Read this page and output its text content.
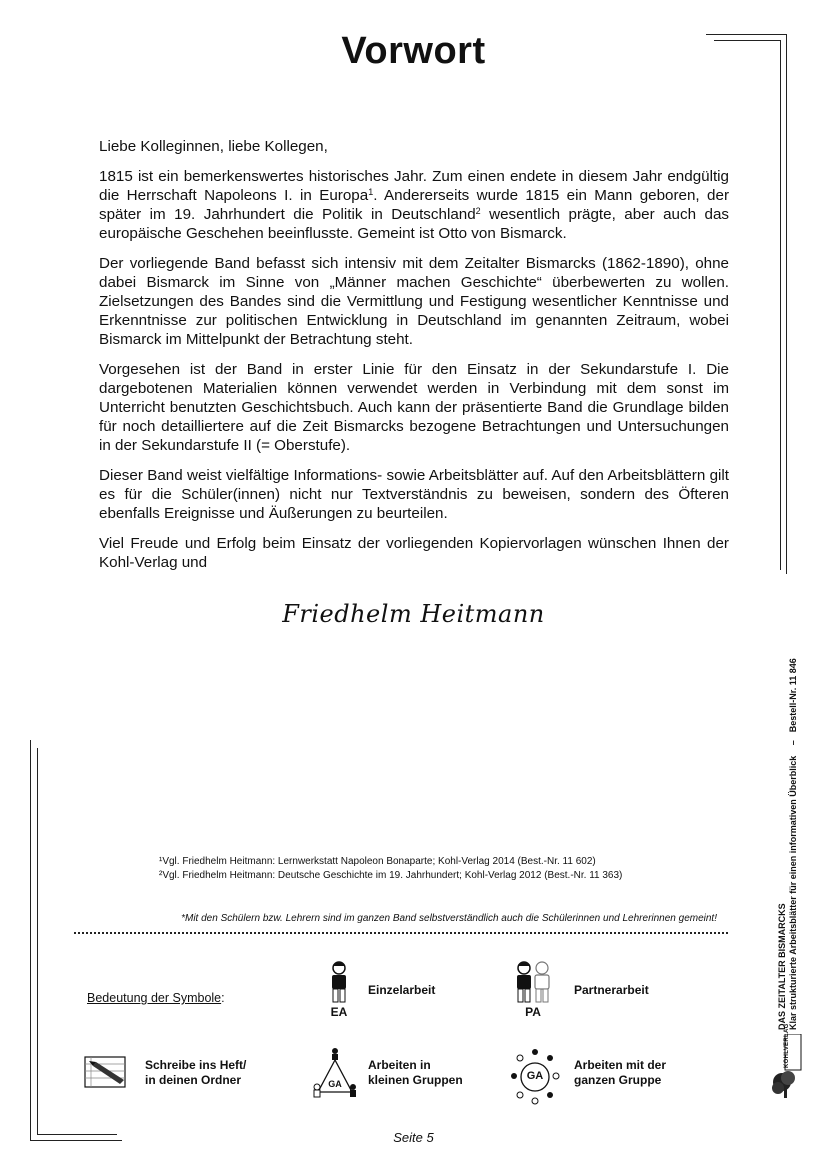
Vorwort

Liebe Kolleginnen, liebe Kollegen,

1815 ist ein bemerkenswertes historisches Jahr. Zum einen endete in diesem Jahr endgültig die Herrschaft Napoleons I. in Europa$^1$. Andererseits wurde 1815 ein Mann geboren, der später im 19. Jahrhundert die Politik in Deutschland$^2$ wesentlich prägte, aber auch das europäische Geschehen beeinflusste. Gemeint ist Otto von Bismarck.

Der vorliegende Band befasst sich intensiv mit dem Zeitalter Bismarcks (1862-1890), ohne dabei Bismarck im Sinne von „Männer machen Geschichte“ überbewerten zu wollen. Zielsetzungen des Bandes sind die Vermittlung und Festigung wesentlicher Kenntnisse und Erkenntnisse zur politischen Entwicklung in Deutschland im genannten Zeitraum, wobei Bismarck im Mittelpunkt der Betrachtung steht.

Vorgesehen ist der Band in erster Linie für den Einsatz in der Sekundarstufe I. Die dargebotenen Materialien können verwendet werden in Verbindung mit dem sonst im Unterricht benutzten Geschichtsbuch. Auch kann der präsentierte Band die Grundlage bilden für noch detailliertere auf die Zeit Bismarcks bezogene Betrachtungen und Untersuchungen in der Sekundarstufe II (= Oberstufe).

Dieser Band weist vielfältige Informations- sowie Arbeitsblätter auf. Auf den Arbeitsblättern gilt es für die Schüler(innen) nicht nur Textverständnis zu beweisen, sondern des Öfteren ebenfalls Ereignisse und Äußerungen zu beurteilen.

Viel Freude und Erfolg beim Einsatz der vorliegenden Kopiervorlagen wünschen Ihnen der Kohl-Verlag und

Friedhelm Heitmann
¹Vgl. Friedhelm Heitmann: Lernwerkstatt Napoleon Bonaparte; Kohl-Verlag 2014 (Best.-Nr. 11 602)
²Vgl. Friedhelm Heitmann: Deutsche Geschichte im 19. Jahrhundert; Kohl-Verlag 2012 (Best.-Nr. 11 363)
*Mit den Schülern bzw. Lehrern sind im ganzen Band selbstverständlich auch die Schülerinnen und Lehrerinnen gemeint!
Bedeutung der Symbole:
EA
Einzelarbeit
PA
Partnerarbeit
Schreibe ins Heft/
in deinen Ordner	GA
Arbeiten in
kleinen Gruppen	GA
Arbeiten mit der
ganzen Gruppe
DAS ZEITALTER BISMARCKS Klar strukturierte Arbeitsblätter für einen informativen Überblick –Bestell-Nr. 11 846
KOHLVERLAG
Seite 5
